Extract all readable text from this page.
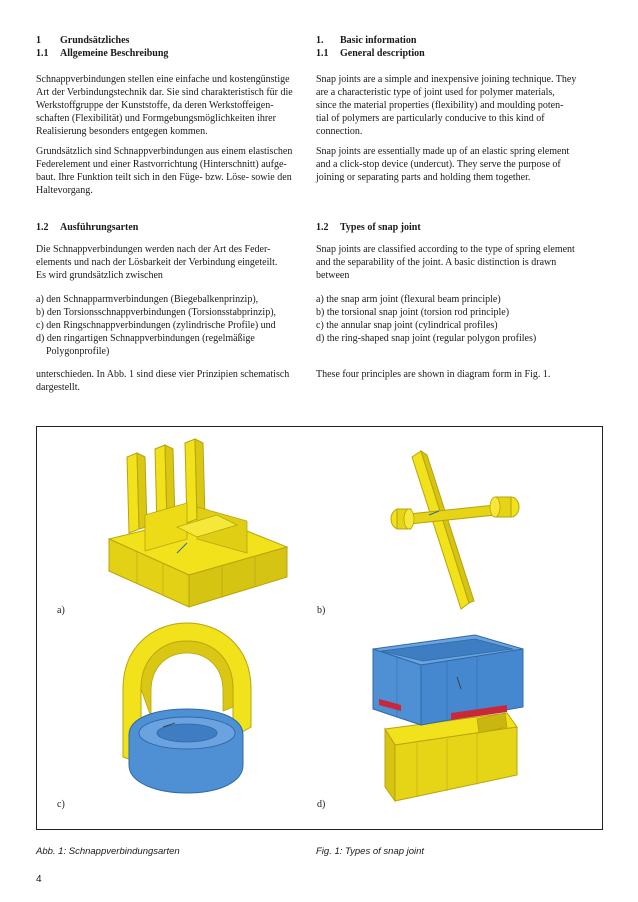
1 Grundsätzliches
1.1 Allgemeine Beschreibung
Schnappverbindungen stellen eine einfache und kostengünstige
Art der Verbindungstechnik dar. Sie sind charakteristisch für die
Werkstoffgruppe der Kunststoffe, da deren Werkstoffeigen-
schaften (Flexibilität) und Formgebungsmöglichkeiten ihrer
Realisierung besonders entgegen kommen.
Grundsätzlich sind Schnappverbindungen aus einem elastischen
Federelement und einer Rastvorrichtung (Hinterschnitt) aufge-
baut. Ihre Funktion teilt sich in den Füge- bzw. Löse- sowie den
Haltevorgang.
1.2 Ausführungsarten
Die Schnappverbindungen werden nach der Art des Feder-
elements und nach der Lösbarkeit der Verbindung eingeteilt.
Es wird grundsätzlich zwischen
a) den Schnapparmverbindungen (Biegebalkenprinzip),
b) den Torsionsschnappverbindungen (Torsionsstabprinzip),
c) den Ringschnappverbindungen (zylindrische Profile) und
d) den ringartigen Schnappverbindungen (regelmäßige
Polygonprofile)
unterschieden. In Abb. 1 sind diese vier Prinzipien schematisch
dargestellt.
1. Basic information
1.1 General description
Snap joints are a simple and inexpensive joining technique. They
are a characteristic type of joint used for polymer materials,
since the material properties (flexibility) and moulding poten-
tial of polymers are particularly conducive to this kind of
connection.
Snap joints are essentially made up of an elastic spring element
and a click-stop device (undercut). They serve the purpose of
joining or separating parts and holding them together.
1.2 Types of snap joint
Snap joints are classified according to the type of spring element
and the separability of the joint. A basic distinction is drawn
between
a) the snap arm joint (flexural beam principle)
b) the torsional snap joint (torsion rod principle)
c) the annular snap joint (cylindrical profiles)
d) the ring-shaped snap joint (regular polygon profiles)
These four principles are shown in diagram form in Fig. 1.
a)	b)
c)	d)
Abb. 1: Schnappverbindungsarten	Fig. 1: Types of snap joint
4
